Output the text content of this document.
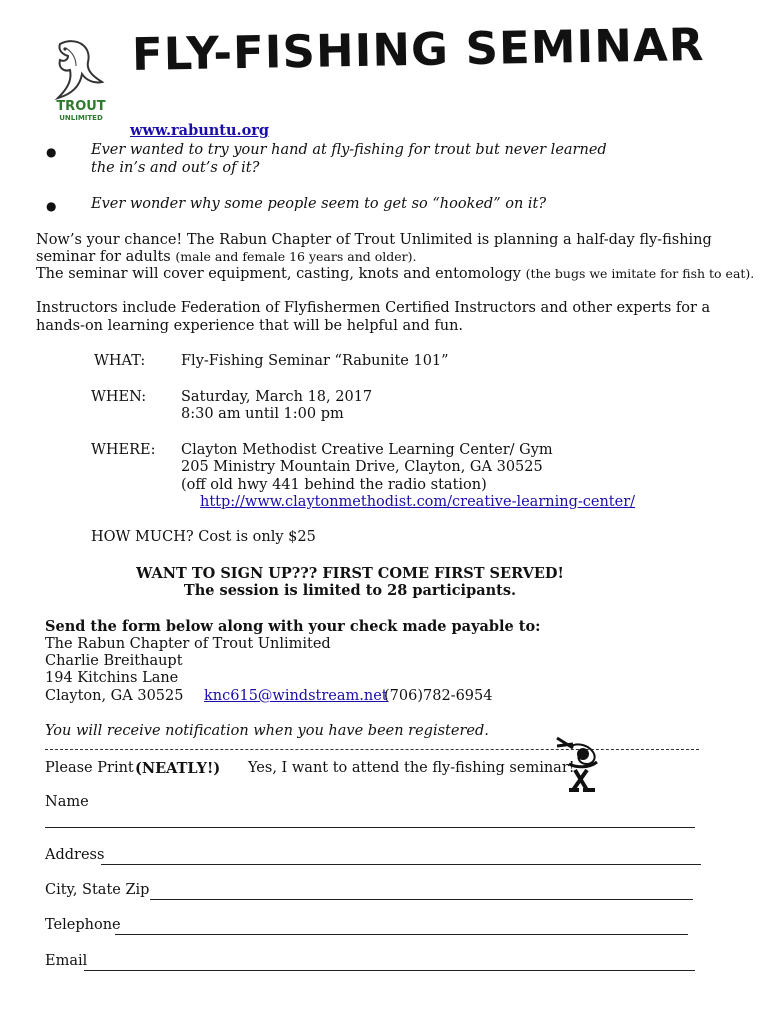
TROUT
UNLIMITED
FLY-FISHING SEMINAR
www.rabuntu.org
● Ever wanted to try your hand at fly-fishing for trout but never learned
the in’s and out’s of it?
● Ever wonder why some people seem to get so “hooked” on it?
Now’s your chance! The Rabun Chapter of Trout Unlimited is planning a half-day fly-fishing
seminar for adults (male and female 16 years and older).
The seminar will cover equipment, casting, knots and entomology (the bugs we imitate for fish to eat).
Instructors include Federation of Flyfishermen Certified Instructors and other experts for a
hands-on learning experience that will be helpful and fun.
WHAT: Fly-Fishing Seminar “Rabunite 101”
WHEN: Saturday, March 18, 2017
8:30 am until 1:00 pm
WHERE: Clayton Methodist Creative Learning Center/ Gym
205 Ministry Mountain Drive, Clayton, GA 30525
(off old hwy 441 behind the radio station)
http://www.claytonmethodist.com/creative-learning-center/
HOW MUCH? Cost is only $25
WANT TO SIGN UP??? FIRST COME FIRST SERVED!
The session is limited to 28 participants.
Send the form below along with your check made payable to:
The Rabun Chapter of Trout Unlimited
Charlie Breithaupt
194 Kitchins Lane
Clayton, GA 30525 knc615@windstream.net
(706)782-6954
You will receive notification when you have been registered.
Please Print (NEATLY!) Yes, I want to attend the fly-fishing seminar!
Name
Address
City, State Zip
Telephone
Email
